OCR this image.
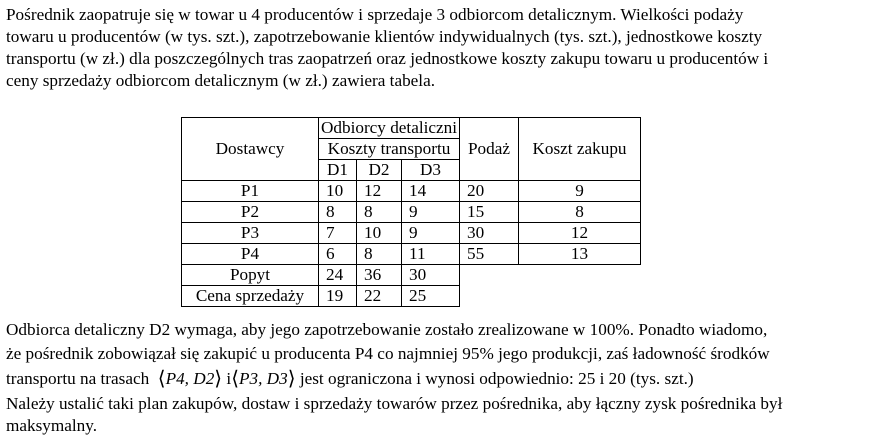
Pośrednik zaopatruje się w towar u 4 producentów i sprzedaje 3 odbiorcom detalicznym. Wielkości podaży
towaru u producentów (w tys. szt.), zapotrzebowanie klientów indywidualnych (tys. szt.), jednostkowe koszty
transportu (w zł.) dla poszczególnych tras zaopatrzeń oraz jednostkowe koszty zakupu towaru u producentów i
ceny sprzedaży odbiorcom detalicznym (w zł.) zawiera tabela.
Dostawcy	Odbiorcy detaliczni			Podaż	Koszt zakupu
	Koszty transportu				
	D1	D2	D3		
P1	10	12	14	20	9
P2	8	8	9	15	8
P3	7	10	9	30	12
P4	6	8	11	55	13
Popyt	24	36	30		
Cena sprzedaży	19	22	25		
Odbiorca detaliczny D2 wymaga, aby jego zapotrzebowanie zostało zrealizowane w 100%. Ponadto wiadomo,
że pośrednik zobowiązał się zakupić u producenta P4 co najmniej 95% jego produkcji, zaś ładowność środków
transportu na trasach ⟨P4, D2⟩ i⟨P3, D3⟩ jest ograniczona i wynosi odpowiednio: 25 i 20 (tys. szt.)
Należy ustalić taki plan zakupów, dostaw i sprzedaży towarów przez pośrednika, aby łączny zysk pośrednika był
maksymalny.
